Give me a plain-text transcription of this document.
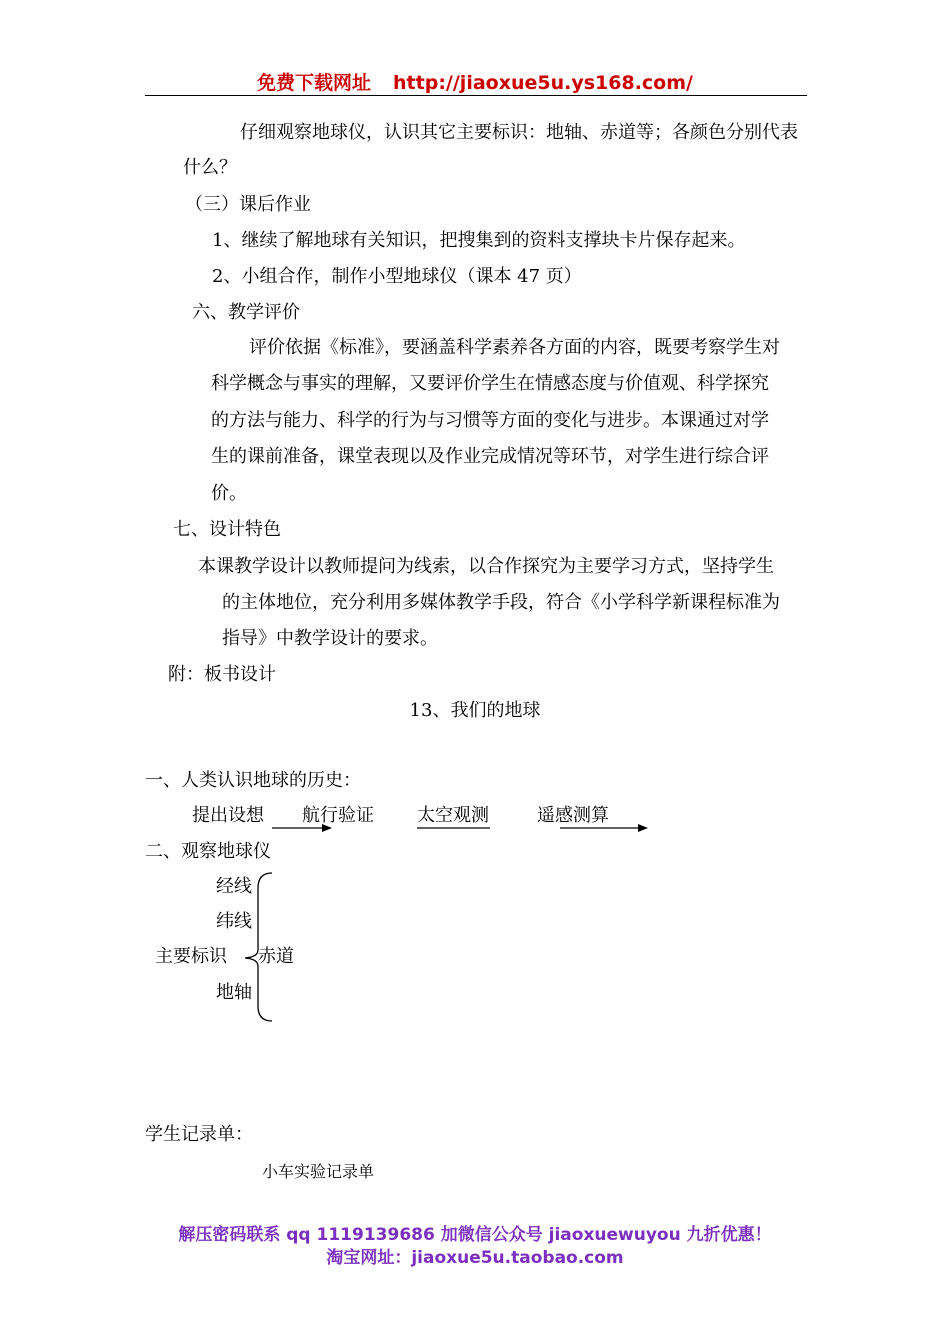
免费下载网址 http://jiaoxue5u.ys168.com/
仔细观察地球仪，认识其它主要标识：地轴、赤道等；各颜色分别代表
什么？
（三）课后作业
1、继续了解地球有关知识，把搜集到的资料支撑块卡片保存起来。
2、小组合作，制作小型地球仪（课本 47 页）
六、教学评价
评价依据《标准》，要涵盖科学素养各方面的内容，既要考察学生对
科学概念与事实的理解，又要评价学生在情感态度与价值观、科学探究
的方法与能力、科学的行为与习惯等方面的变化与进步。本课通过对学
生的课前准备，课堂表现以及作业完成情况等环节，对学生进行综合评
价。
七、设计特色
本课教学设计以教师提问为线索，以合作探究为主要学习方式，坚持学生
的主体地位，充分利用多媒体教学手段，符合《小学科学新课程标准为
指导》中教学设计的要求。
附：板书设计
13、我们的地球
一、人类认识地球的历史：
提出设想 航行验证 太空观测	遥感测算
二、观察地球仪
经线
纬线
主要标识 赤道
地轴
学生记录单：
小车实验记录单
解压密码联系 qq 1119139686 加微信公众号 jiaoxuewuyou 九折优惠！
淘宝网址：jiaoxue5u.taobao.com
